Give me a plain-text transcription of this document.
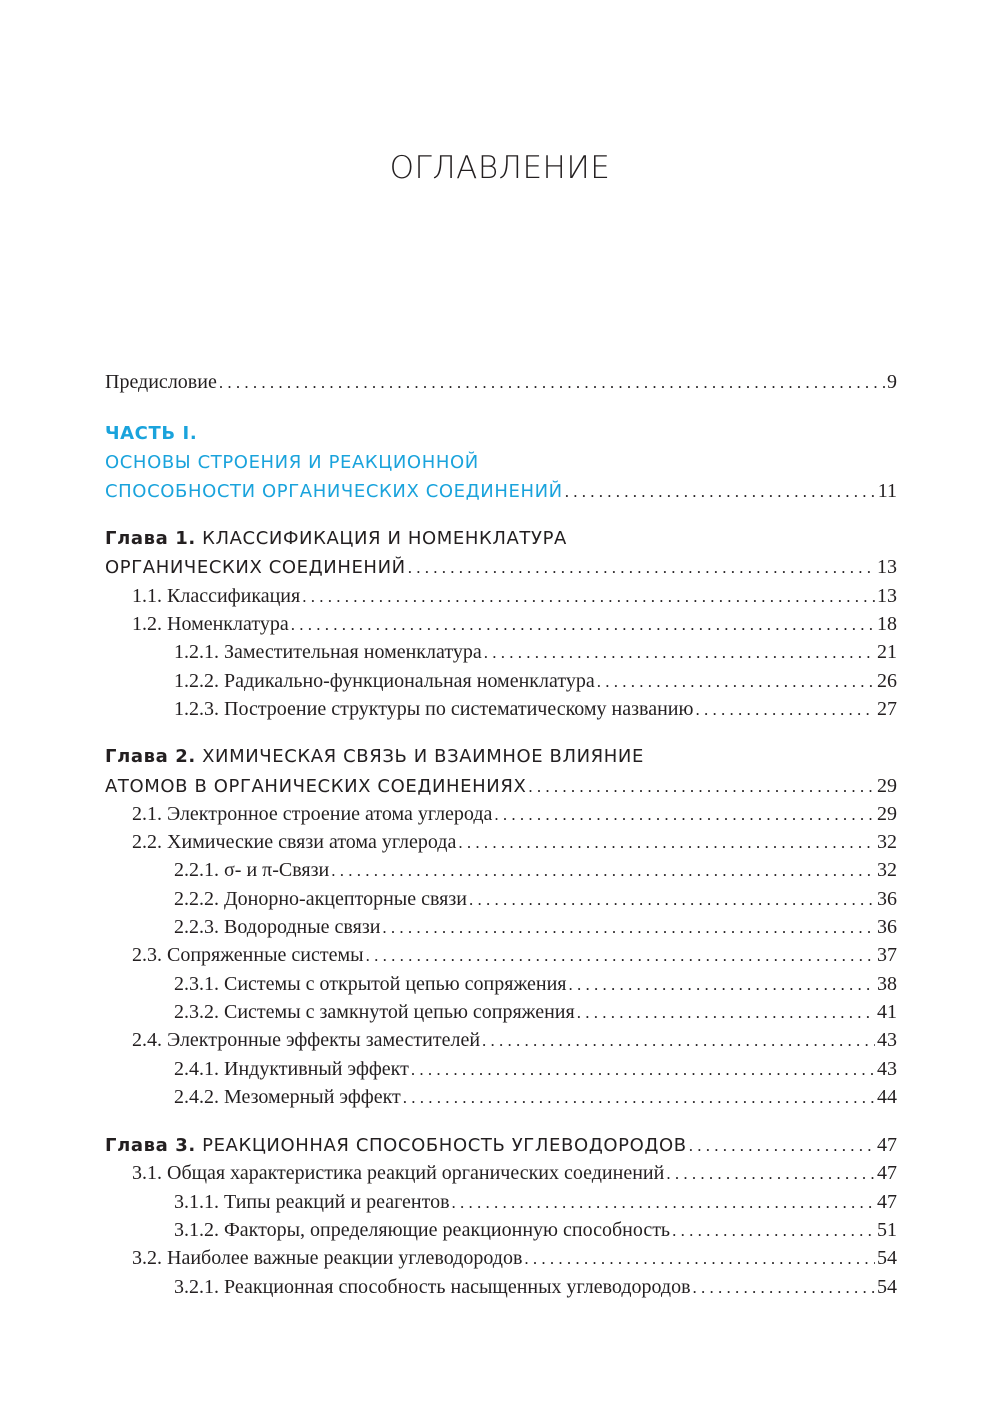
ОГЛАВЛЕНИЕ
Предисловие . . .	9
ЧАСТЬ I.
ОСНОВЫ СТРОЕНИЯ И РЕАКЦИОННОЙ
СПОСОБНОСТИ ОРГАНИЧЕСКИХ СОЕДИНЕНИЙ . . .	11
Глава 1. КЛАССИФИКАЦИЯ И НОМЕНКЛАТУРА
ОРГАНИЧЕСКИХ СОЕДИНЕНИЙ . . .	13
1.1. Классификация . . .	13
1.2. Номенклатура . . .	18
1.2.1. Заместительная номенклатура . . .	21
1.2.2. Радикально-функциональная номенклатура . . .	26
1.2.3. Построение структуры по систематическому названию . . .	27
Глава 2. ХИМИЧЕСКАЯ СВЯЗЬ И ВЗАИМНОЕ ВЛИЯНИЕ
АТОМОВ В ОРГАНИЧЕСКИХ СОЕДИНЕНИЯХ . . .	29
2.1. Электронное строение атома углерода . . .	29
2.2. Химические связи атома углерода . . .	32
2.2.1. σ- и π-Связи . . .	32
2.2.2. Донорно-акцепторные связи . . .	36
2.2.3. Водородные связи . . .	36
2.3. Сопряженные системы . . .	37
2.3.1. Системы с открытой цепью сопряжения . . .	38
2.3.2. Системы с замкнутой цепью сопряжения . . .	41
2.4. Электронные эффекты заместителей . . .	43
2.4.1. Индуктивный эффект . . .	43
2.4.2. Мезомерный эффект . . .	44
Глава 3. РЕАКЦИОННАЯ СПОСОБНОСТЬ УГЛЕВОДОРОДОВ . . .	47
3.1. Общая характеристика реакций органических соединений . . .	47
3.1.1. Типы реакций и реагентов . . .	47
3.1.2. Факторы, определяющие реакционную способность . . .	51
3.2. Наиболее важные реакции углеводородов . . .	54
3.2.1. Реакционная способность насыщенных углеводородов . . .	54
